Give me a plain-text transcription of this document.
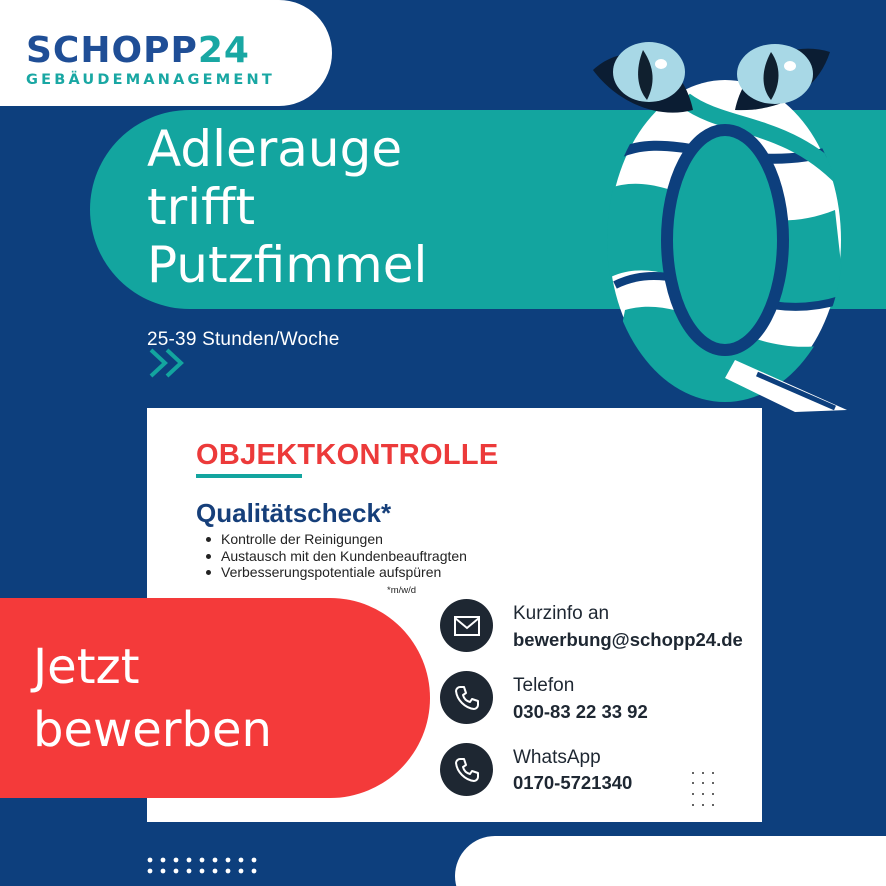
SCHOPP24
GEBÄUDEMANAGEMENT
Adlerauge
trifft
Putzfimmel
25-39 Stunden/Woche
OBJEKTKONTROLLE
Qualitätscheck*
Kontrolle der Reinigungen
Austausch mit den Kundenbeauftragten
Verbesserungspotentiale aufspüren
*m/w/d
Kurzinfo an
bewerbung@schopp24.de
Telefon
030-83 22 33 92
WhatsApp
0170-5721340
Jetzt
bewerben
